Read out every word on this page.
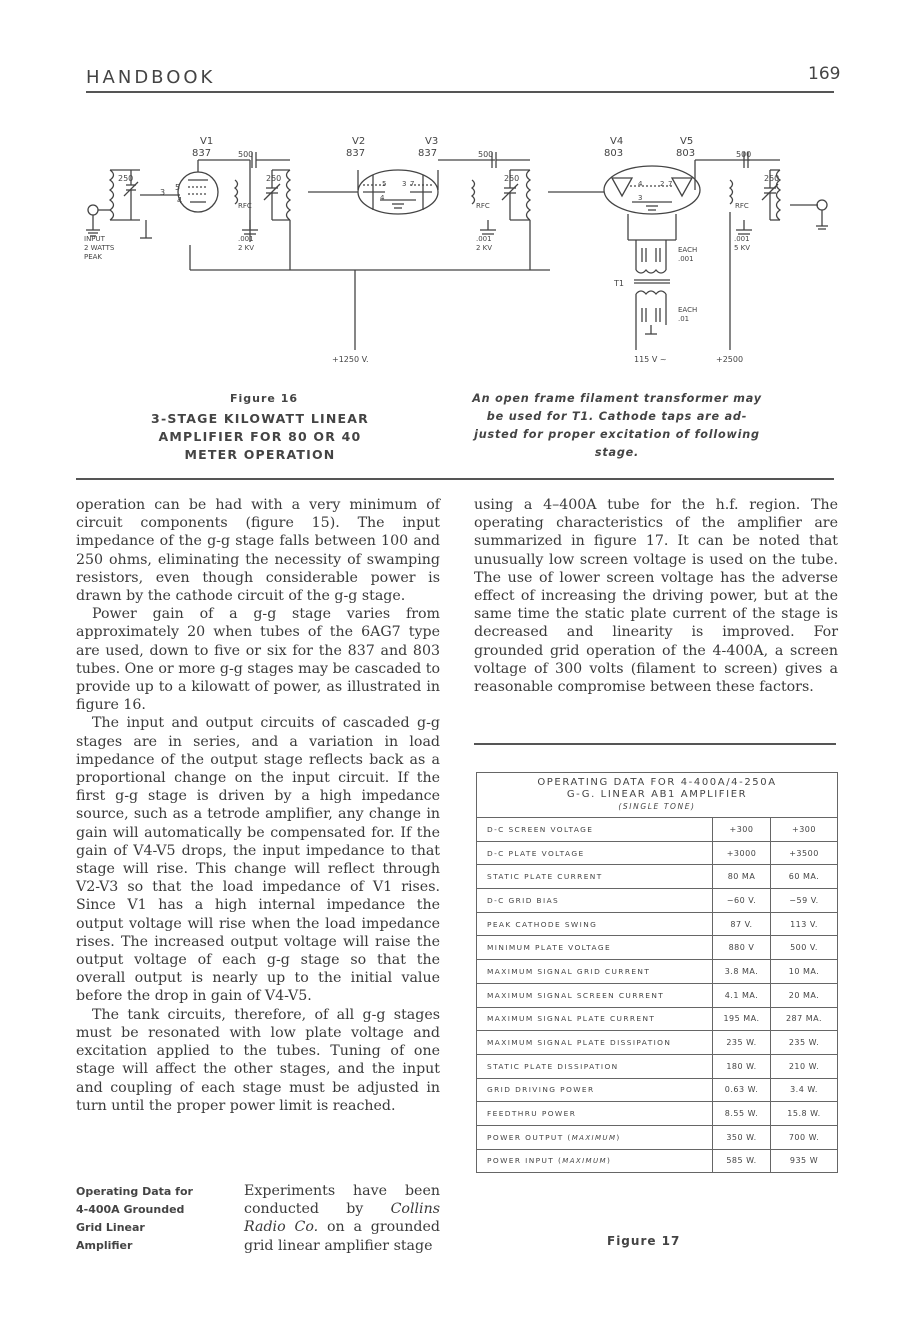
HANDBOOK	169
V1
837
V2
837
V3
837
V4
803
V5
803
500	500	500
250	250	250	250
RFC	RFC	RFC
INPUT
2 WATTS
PEAK
.001
2 KV
.001
2 KV
.001
5 KV
EACH
.001
EACH
.01
T1
3
5
4
5
4
3 7	4
3
2 7
+1250 V.	115 V ~	+2500
Figure 16
3-STAGE KILOWATT LINEAR
AMPLIFIER FOR 80 OR 40
METER OPERATION
An open frame filament transformer may
be used for T1. Cathode taps are ad-
justed for proper excitation of following
stage.

operation can be had with a very minimum of circuit components (figure 15). The input impedance of the g-g stage falls between 100 and 250 ohms, eliminating the necessity of swamping resistors, even though considerable power is drawn by the cathode circuit of the g-g stage.

Power gain of a g-g stage varies from approximately 20 when tubes of the 6AG7 type are used, down to five or six for the 837 and 803 tubes. One or more g-g stages may be cascaded to provide up to a kilowatt of power, as illustrated in figure 16.

The input and output circuits of cascaded g-g stages are in series, and a variation in load impedance of the output stage reflects back as a proportional change on the input circuit. If the first g-g stage is driven by a high impedance source, such as a tetrode amplifier, any change in gain will automatically be compensated for. If the gain of V4-V5 drops, the input impedance to that stage will rise. This change will reflect through V2-V3 so that the load impedance of V1 rises. Since V1 has a high internal impedance the output voltage will rise when the load impedance rises. The increased output voltage will raise the output voltage of each g-g stage so that the overall output is nearly up to the initial value before the drop in gain of V4-V5.

The tank circuits, therefore, of all g-g stages must be resonated with low plate voltage and excitation applied to the tubes. Tuning of one stage will affect the other stages, and the input and coupling of each stage must be adjusted in turn until the proper power limit is reached.

Operating Data for
4-400A Grounded
Grid Linear
Amplifier

Experiments have been conducted by Collins Radio Co. on a grounded grid linear amplifier stage

using a 4–400A tube for the h.f. region. The operating characteristics of the amplifier are summarized in figure 17. It can be noted that unusually low screen voltage is used on the tube. The use of lower screen voltage has the adverse effect of increasing the driving power, but at the same time the static plate current of the stage is decreased and linearity is improved. For grounded grid operation of the 4-400A, a screen voltage of 300 volts (filament to screen) gives a reasonable compromise between these factors.

OPERATING DATA FOR 4-400A/4-250A
G-G. LINEAR AB1 AMPLIFIER
(SINGLE TONE)		

D-C SCREEN VOLTAGE	+300	+300
D-C PLATE VOLTAGE	+3000	+3500
STATIC PLATE CURRENT	80 MA	60 MA.
D-C GRID BIAS	−60 V.	−59 V.
PEAK CATHODE SWING	87 V.	113 V.
MINIMUM PLATE VOLTAGE	880 V	500 V.
MAXIMUM SIGNAL GRID CURRENT	3.8 MA.	10 MA.
MAXIMUM SIGNAL SCREEN CURRENT	4.1 MA.	20 MA.
MAXIMUM SIGNAL PLATE CURRENT	195 MA.	287 MA.
MAXIMUM SIGNAL PLATE DISSIPATION	235 W.	235 W.
STATIC PLATE DISSIPATION	180 W.	210 W.
GRID DRIVING POWER	0.63 W.	3.4 W.
FEEDTHRU POWER	8.55 W.	15.8 W.
POWER OUTPUT (MAXIMUM)	350 W.	700 W.
POWER INPUT (MAXIMUM)	585 W.	935 W
Figure 17
